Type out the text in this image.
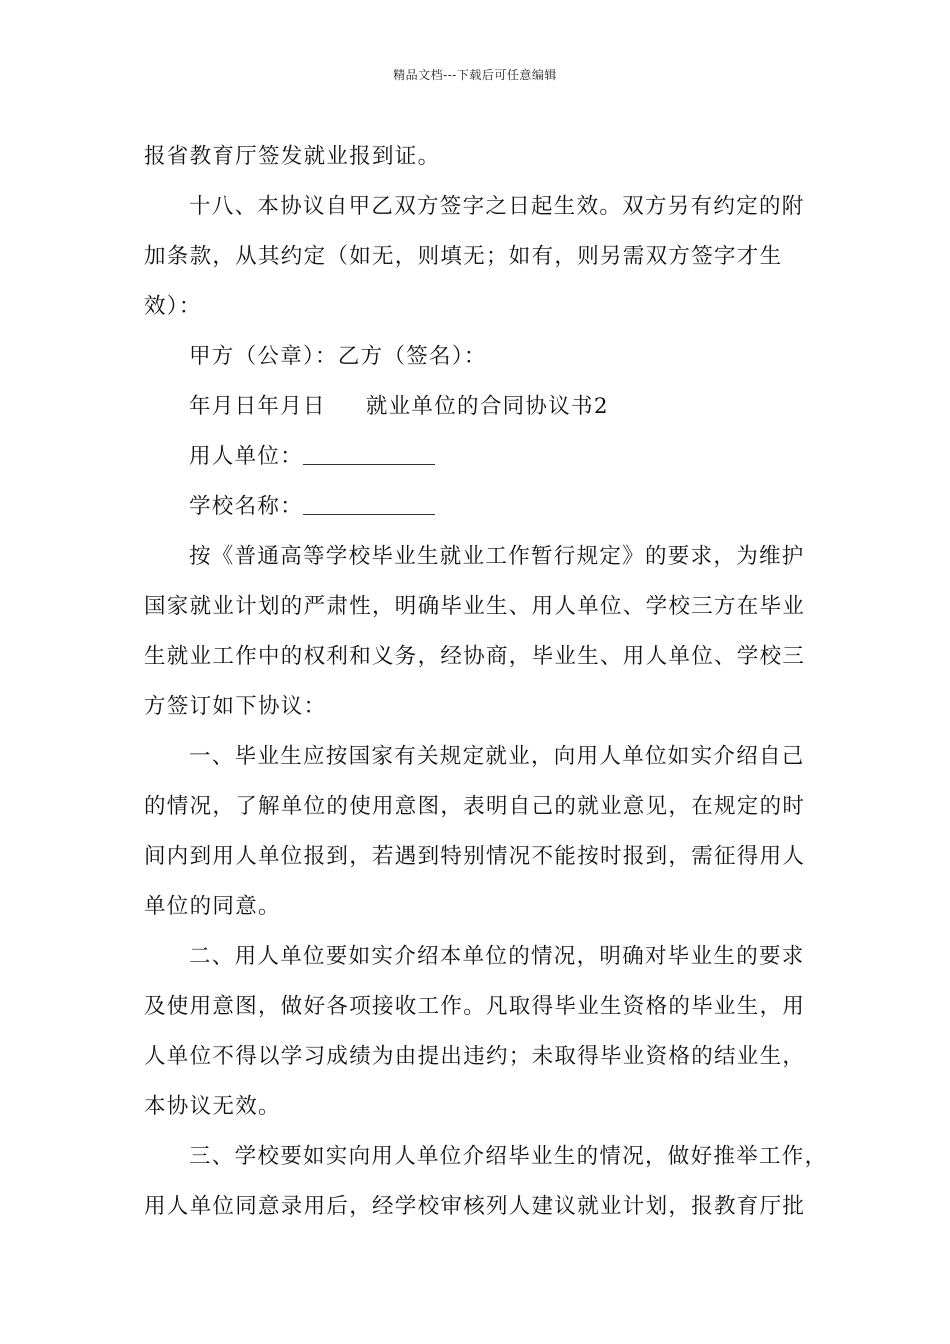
精品文档---下载后可任意编辑
报省教育厅签发就业报到证。
十八、本协议自甲乙双方签字之日起生效。双方另有约定的附
加条款，从其约定（如无，则填无；如有，则另需双方签字才生
效）：
甲方（公章）：乙方（签名）：
年月日年月日 就业单位的合同协议书2
用人单位：
学校名称：
按《普通高等学校毕业生就业工作暂行规定》的要求，为维护
国家就业计划的严肃性，明确毕业生、用人单位、学校三方在毕业
生就业工作中的权利和义务，经协商，毕业生、用人单位、学校三
方签订如下协议：
一、毕业生应按国家有关规定就业，向用人单位如实介绍自己
的情况，了解单位的使用意图，表明自己的就业意见，在规定的时
间内到用人单位报到，若遇到特别情况不能按时报到，需征得用人
单位的同意。
二、用人单位要如实介绍本单位的情况，明确对毕业生的要求
及使用意图，做好各项接收工作。凡取得毕业生资格的毕业生，用
人单位不得以学习成绩为由提出违约；未取得毕业资格的结业生，
本协议无效。
三、学校要如实向用人单位介绍毕业生的情况，做好推举工作，
用人单位同意录用后，经学校审核列人建议就业计划，报教育厅批
